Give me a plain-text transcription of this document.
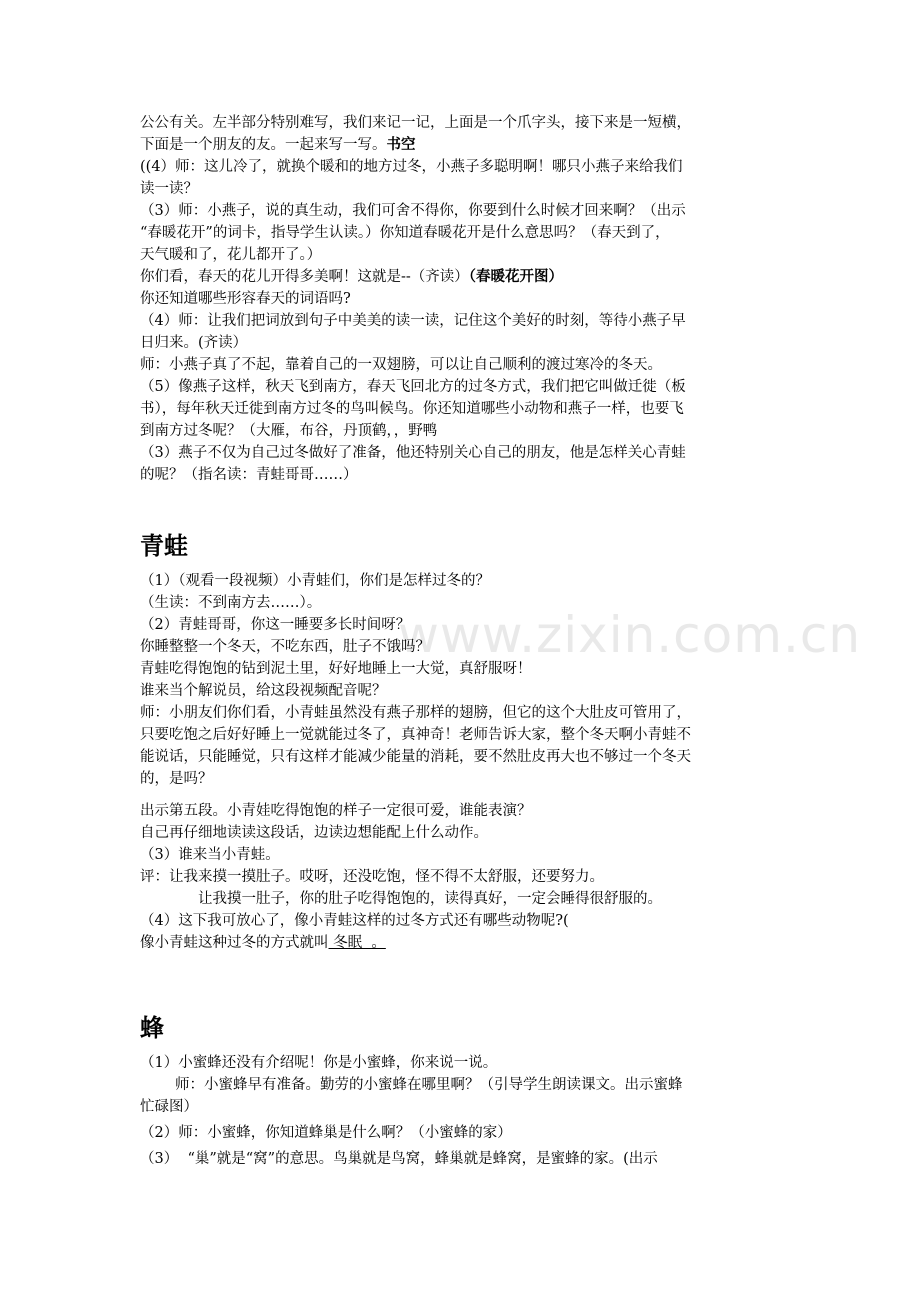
www.zixin.com.cn
公公有关。左半部分特别难写，我们来记一记，上面是一个爪字头，接下来是一短横，
下面是一个朋友的友。一起来写一写。书空
((4）师：这儿冷了，就换个暖和的地方过冬，小燕子多聪明啊！哪只小燕子来给我们
读一读？
（3）师：小燕子，说的真生动，我们可舍不得你，你要到什么时候才回来啊？（出示
“春暖花开”的词卡，指导学生认读。）你知道春暖花开是什么意思吗？（春天到了，
天气暖和了，花儿都开了。）
你们看，春天的花儿开得多美啊！这就是--（齐读）（春暖花开图）
你还知道哪些形容春天的词语吗?
（4）师：让我们把词放到句子中美美的读一读，记住这个美好的时刻，等待小燕子早
日归来。(齐读）
师：小燕子真了不起，靠着自己的一双翅膀，可以让自己顺利的渡过寒冷的冬天。
（5）像燕子这样，秋天飞到南方，春天飞回北方的过冬方式，我们把它叫做迁徙（板
书），每年秋天迁徙到南方过冬的鸟叫候鸟。你还知道哪些小动物和燕子一样，也要飞
到南方过冬呢？（大雁，布谷，丹顶鹤，，野鸭
（3）燕子不仅为自己过冬做好了准备，他还特别关心自己的朋友，他是怎样关心青蛙
的呢？（指名读：青蛙哥哥……）
青蛙
（1）（观看一段视频）小青蛙们，你们是怎样过冬的？
（生读：不到南方去……）。
（2）青蛙哥哥，你这一睡要多长时间呀？
你睡整整一个冬天，不吃东西，肚子不饿吗？
青蛙吃得饱饱的钻到泥土里，好好地睡上一大觉，真舒服呀！
谁来当个解说员，给这段视频配音呢？
师：小朋友们你们看，小青蛙虽然没有燕子那样的翅膀，但它的这个大肚皮可管用了，
只要吃饱之后好好睡上一觉就能过冬了，真神奇！老师告诉大家，整个冬天啊小青蛙不
能说话，只能睡觉，只有这样才能减少能量的消耗，要不然肚皮再大也不够过一个冬天
的，是吗？
出示第五段。小青娃吃得饱饱的样子一定很可爱，谁能表演？
自己再仔细地读读这段话，边读边想能配上什么动作。
（3）谁来当小青蛙。
评：让我来摸一摸肚子。哎呀，还没吃饱，怪不得不太舒服，还要努力。
让我摸一肚子，你的肚子吃得饱饱的，读得真好，一定会睡得很舒服的。
（4）这下我可放心了，像小青蛙这样的过冬方式还有哪些动物呢?(
像小青蛙这种过冬的方式就叫 冬眠  。
蜂
（1）小蜜蜂还没有介绍呢！你是小蜜蜂，你来说一说。
师：小蜜蜂早有准备。勤劳的小蜜蜂在哪里啊？（引导学生朗读课文。出示蜜蜂
忙碌图）
（2）师：小蜜蜂，你知道蜂巢是什么啊？（小蜜蜂的家）
（3）  “巢”就是“窝”的意思。鸟巢就是鸟窝，蜂巢就是蜂窝，是蜜蜂的家。(出示
